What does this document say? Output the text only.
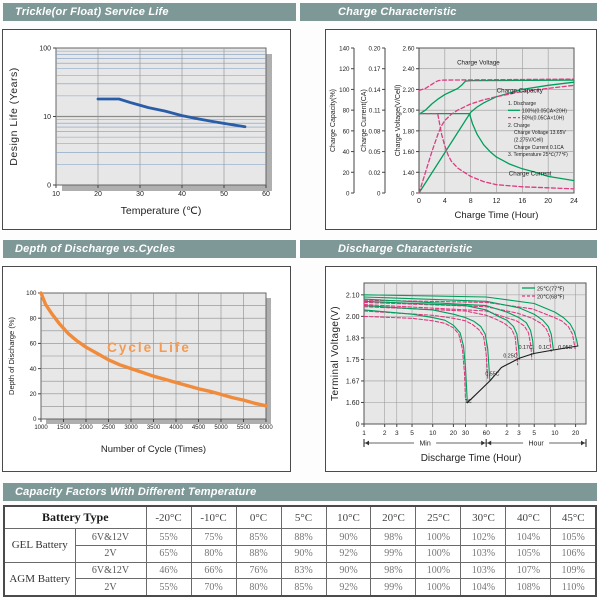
Trickle(or Float) Service Life	Charge Characteristic
10	20	30	40	50	60
100
10
0
Design Life (Years)
Temperature (℃)
0
20
40
60
80
100
120
140
Charge Capacity(%)
0
0.02
0.05
0.08
0.11
0.14
0.17
0.20
Charge Current(CA)
0
1.40
1.60
1.80
2.00
2.20
2.40
2.60
Charge Voltage(V/Cell)
0	4	8	12	16	20	24
Charge Time (Hour)
Charge Voltage
Charge Capacity
Charge Current
1. Discharge
100%(0.05CA×20H)
50%(0.05CA×10H)
2. Charge
Charge Voltage 13.65V
(2.275V/Cell)
Charge Current 0.1CA
3. Temperature 25℃(77℉)
Depth of Discharge vs.Cycles	Discharge Characteristic
1000 1500 2000 2500 3000 3500 4000 4500 5000 5500 6000
0
20
40
60
80
100
Cycle Life
Depth of Discharge (%)
Number of Cycle (Times)
0
1.60
1.67
1.75
1.83
2.00
2.10
1	2 3 5 10 20 30 60 2 3 5 10 20
1C
0.55C
0.25C
0.17C 0.1C 0.05C
25℃(77℉)
20℃(68℉)
Min	Hour
Terminal Voltage(V)
Discharge Time (Hour)
Capacity Factors With Different Temperature
Battery Type		-20°C	-10°C	0°C	5°C	10°C	20°C	25°C	30°C	40°C	45°C
GEL Battery	6V&12V	55%	75%	85%	88%	90%	98%	100%	102%	104%	105%
	2V	65%	80%	88%	90%	92%	99%	100%	103%	105%	106%
AGM Battery	6V&12V	46%	66%	76%	83%	90%	98%	100%	103%	107%	109%
	2V	55%	70%	80%	85%	92%	99%	100%	104%	108%	110%
